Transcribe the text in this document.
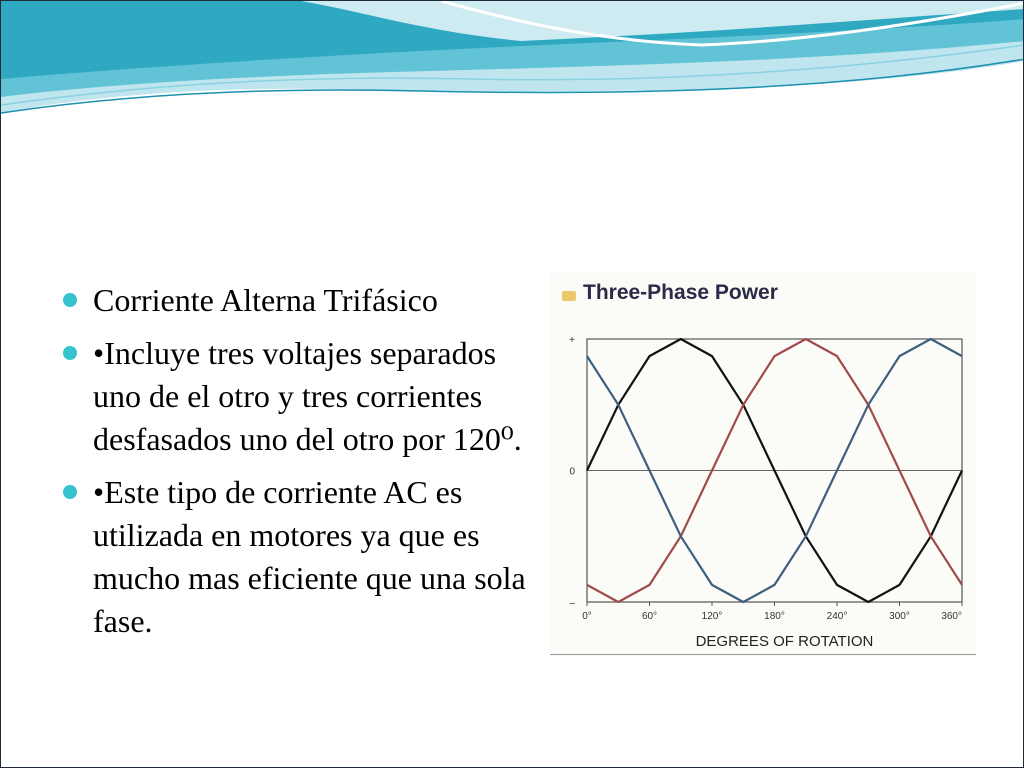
Corriente Alterna Trifásico
•Incluye tres voltajes separados uno de el otro y tres corrientes desfasados uno del otro por 120⁰.
•Este tipo de corriente AC es utilizada en motores ya que es mucho mas eficiente que una sola fase.
Three-Phase Power
+
0
–
0°	60°	120°	180°	240°	300°	360°
DEGREES OF ROTATION
